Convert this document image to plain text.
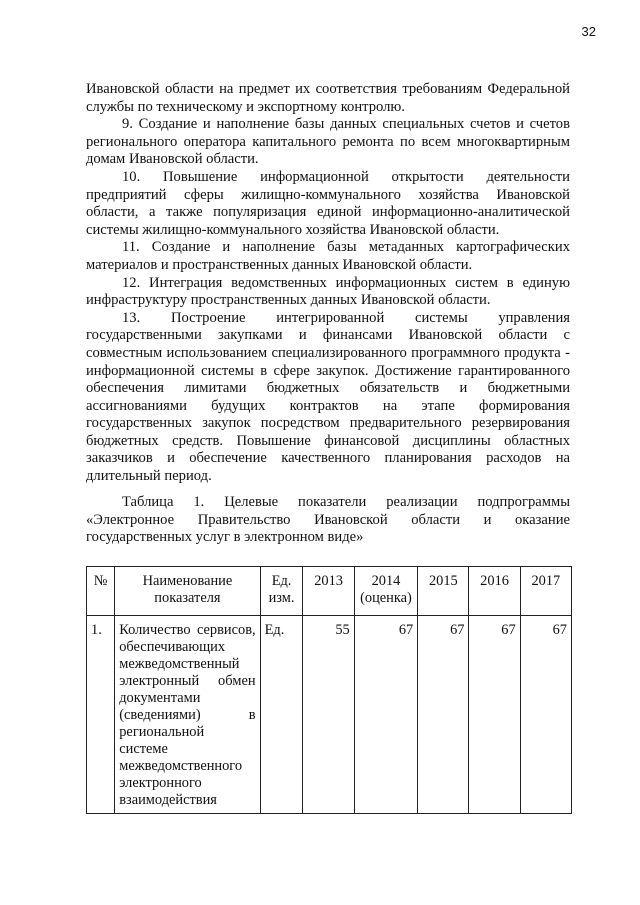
32

Ивановской области на предмет их соответствия требованиям Федеральной службы по техническому и экспортному контролю.

9. Создание и наполнение базы данных специальных счетов и счетов регионального оператора капитального ремонта по всем многоквартирным домам Ивановской области.

10. Повышение информационной открытости деятельности предприятий сферы жилищно-коммунального хозяйства Ивановской области, а также популяризация единой информационно-аналитической системы жилищно-коммунального хозяйства Ивановской области.

11. Создание и наполнение базы метаданных картографических материалов и пространственных данных Ивановской области.

12. Интеграция ведомственных информационных систем в единую инфраструктуру пространственных данных Ивановской области.

13. Построение интегрированной системы управления государственными закупками и финансами Ивановской области с совместным использованием специализированного программного продукта - информационной системы в сфере закупок. Достижение гарантированного обеспечения лимитами бюджетных обязательств и бюджетными ассигнованиями будущих контрактов на этапе формирования государственных закупок посредством предварительного резервирования бюджетных средств. Повышение финансовой дисциплины областных заказчиков и обеспечение качественного планирования расходов на длительный период.

Таблица 1. Целевые показатели реализации подпрограммы «Электронное Правительство Ивановской области и оказание государственных услуг в электронном виде»
№	Наименование показателя	Ед. изм.	2013	2014 (оценка)	2015	2016	2017
1.	Количество сервисов, обеспечивающих межведомственный электронный обмен документами (сведениями) в региональной системе межведомственного электронного взаимодействия	Ед.	55	67	67	67	67
